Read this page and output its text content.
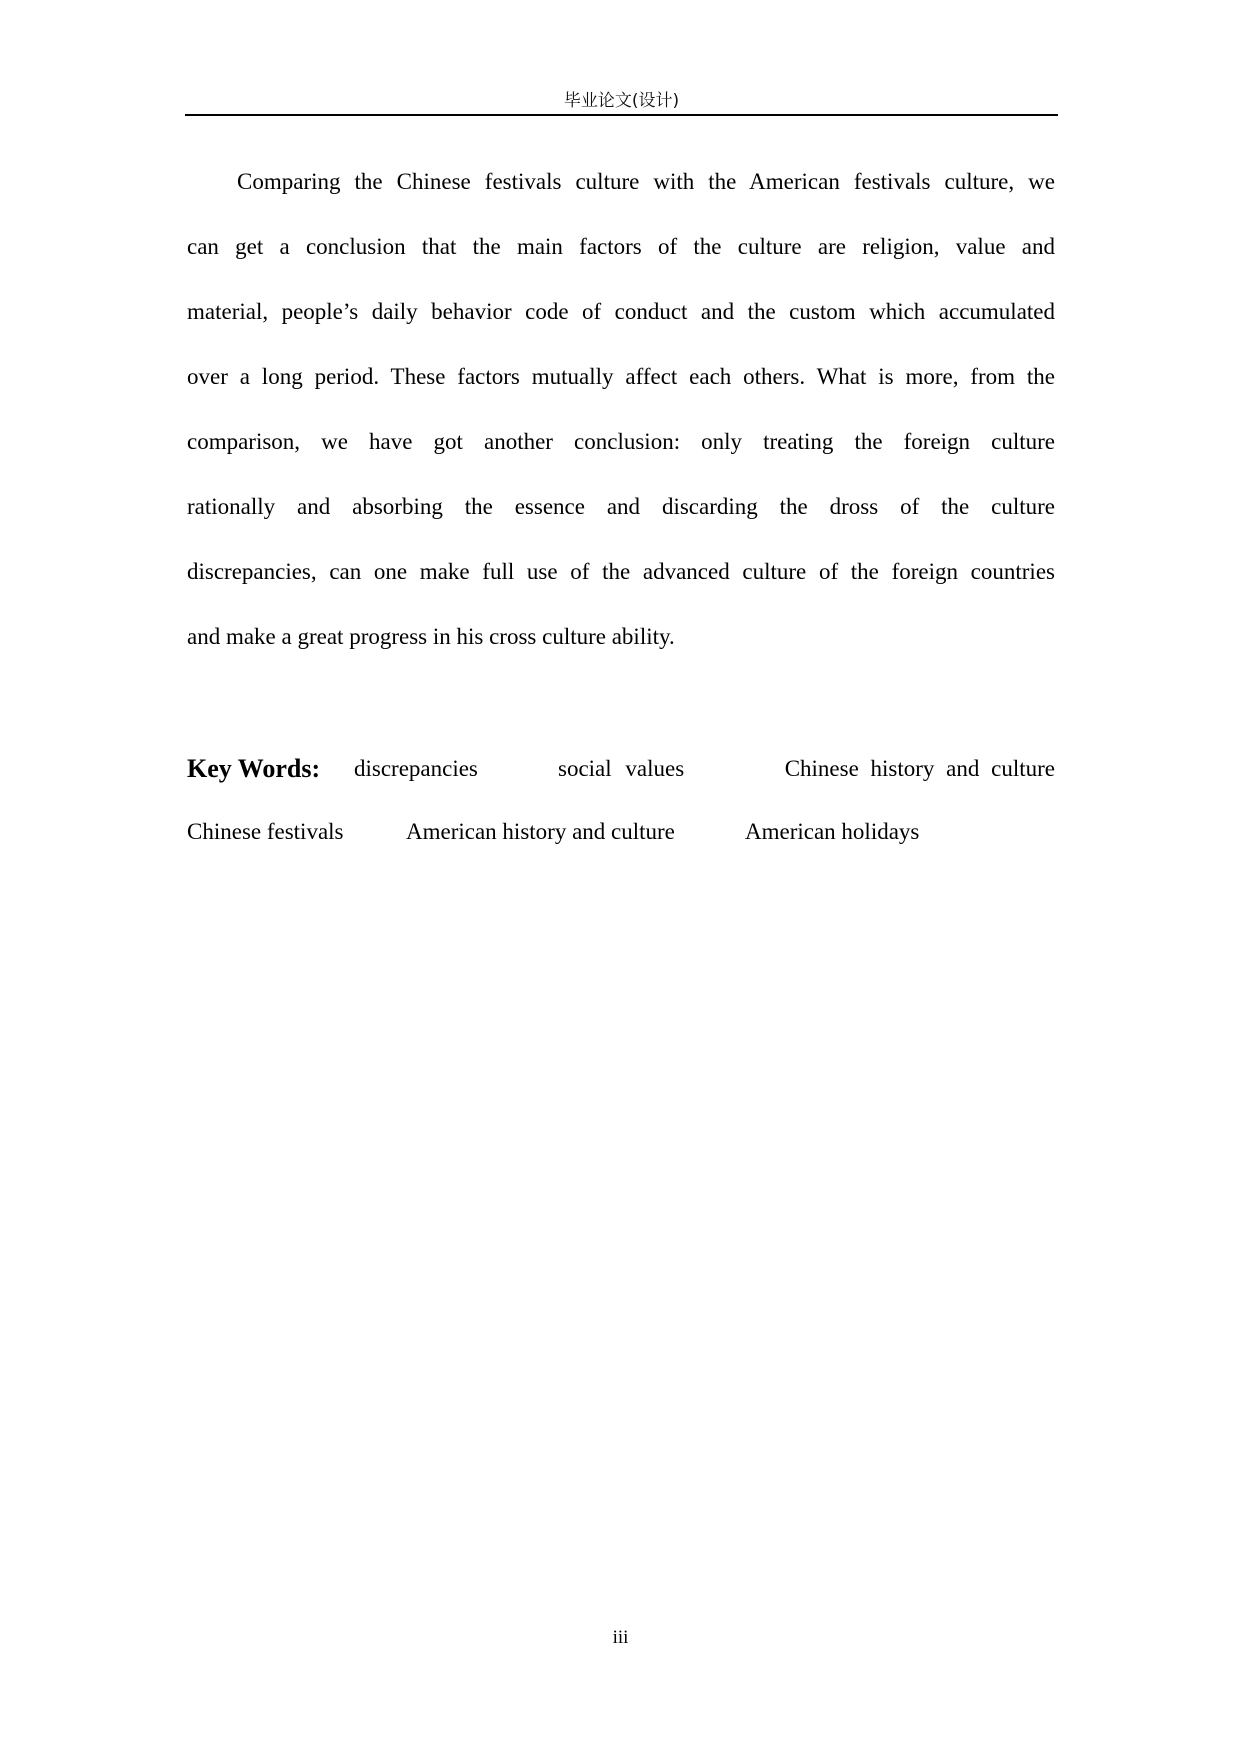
毕业论文(设计)
Comparing the Chinese festivals culture with the American festivals culture, we
can get a conclusion that the main factors of the culture are religion, value and
material, people’s daily behavior code of conduct and the custom which accumulated
over a long period. These factors mutually affect each others. What is more, from the
comparison, we have got another conclusion: only treating the foreign culture
rationally and absorbing the essence and discarding the dross of the culture
discrepancies, can one make full use of the advanced culture of the foreign countries
and make a great progress in his cross culture ability.
Key Words: discrepancies	social values	Chinese history and culture
Chinese festivals	American history and culture	American holidays
iii
